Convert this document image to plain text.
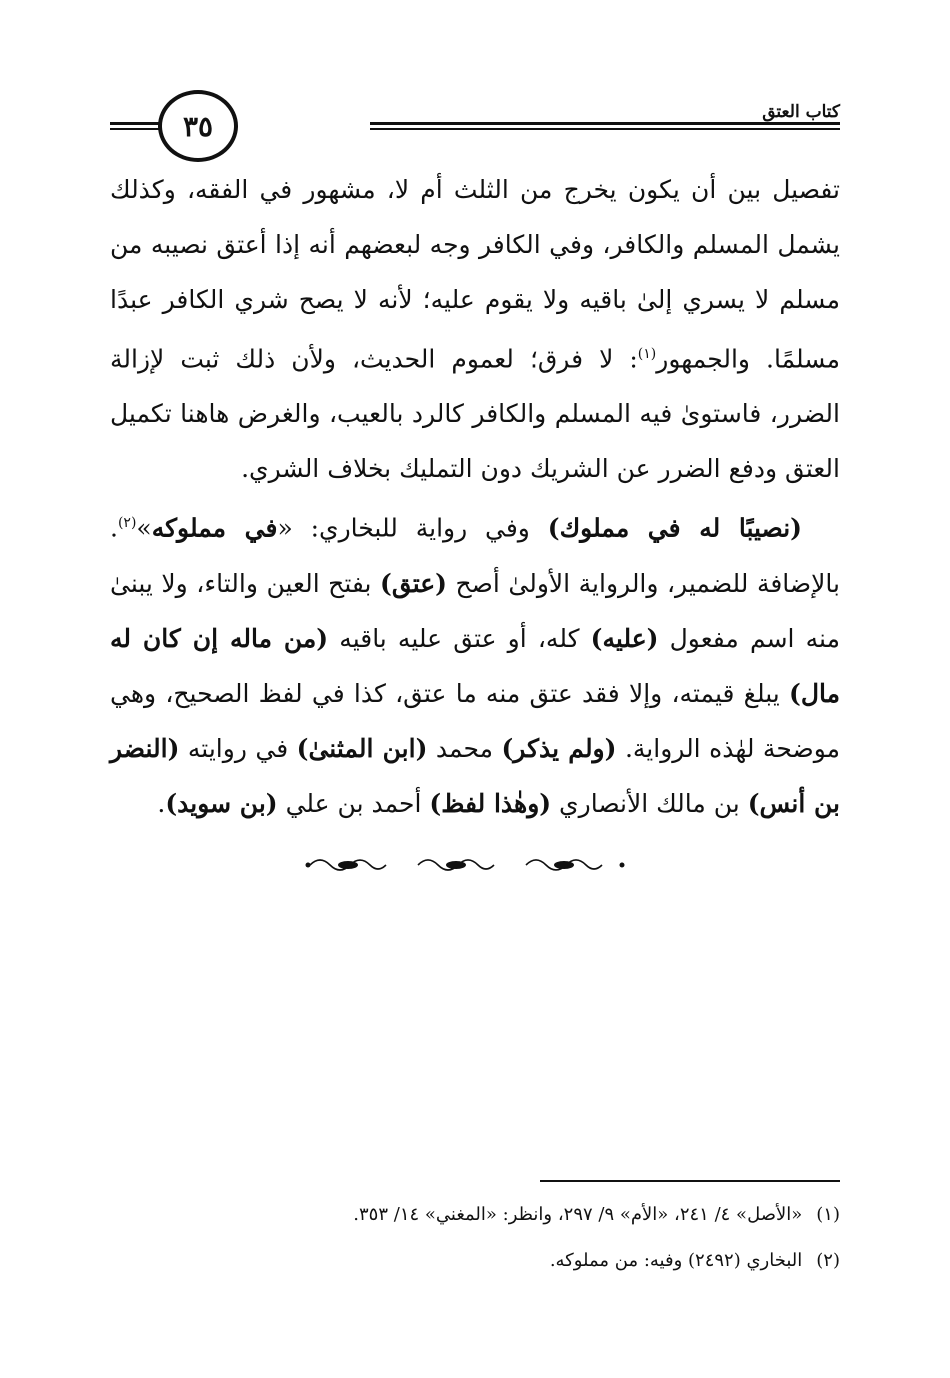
٣٥	كتاب العتق

تفصيل بين أن يكون يخرج من الثلث أم لا، مشهور في الفقه، وكذلك يشمل المسلم والكافر، وفي الكافر وجه لبعضهم أنه إذا أعتق نصيبه من مسلم لا يسري إلىٰ باقيه ولا يقوم عليه؛ لأنه لا يصح شري الكافر عبدًا مسلمًا. والجمهور$^{(١)}$: لا فرق؛ لعموم الحديث، ولأن ذلك ثبت لإزالة الضرر، فاستوىٰ فيه المسلم والكافر كالرد بالعيب، والغرض هاهنا تكميل العتق ودفع الضرر عن الشريك دون التمليك بخلاف الشري.

(نصيبًا له في مملوك) وفي رواية للبخاري: «في مملوكه»$^{(٢)}$. بالإضافة للضمير، والرواية الأولىٰ أصح (عتق) بفتح العين والتاء، ولا يبنىٰ منه اسم مفعول (عليه) كله، أو عتق عليه باقيه (من ماله إن كان له مال) يبلغ قيمته، وإلا فقد عتق منه ما عتق، كذا في لفظ الصحيح، وهي موضحة لهٰذه الرواية. (ولم يذكر) محمد (ابن المثنىٰ) في روايته (النضر بن أنس) بن مالك الأنصاري (وهٰذا لفظ) أحمد بن علي (بن سويد).

(١)«الأصل» ٤/ ٢٤١، «الأم» ٩/ ٢٩٧، وانظر: «المغني» ١٤/ ٣٥٣.

(٢)البخاري (٢٤٩٢) وفيه: من مملوكه.
